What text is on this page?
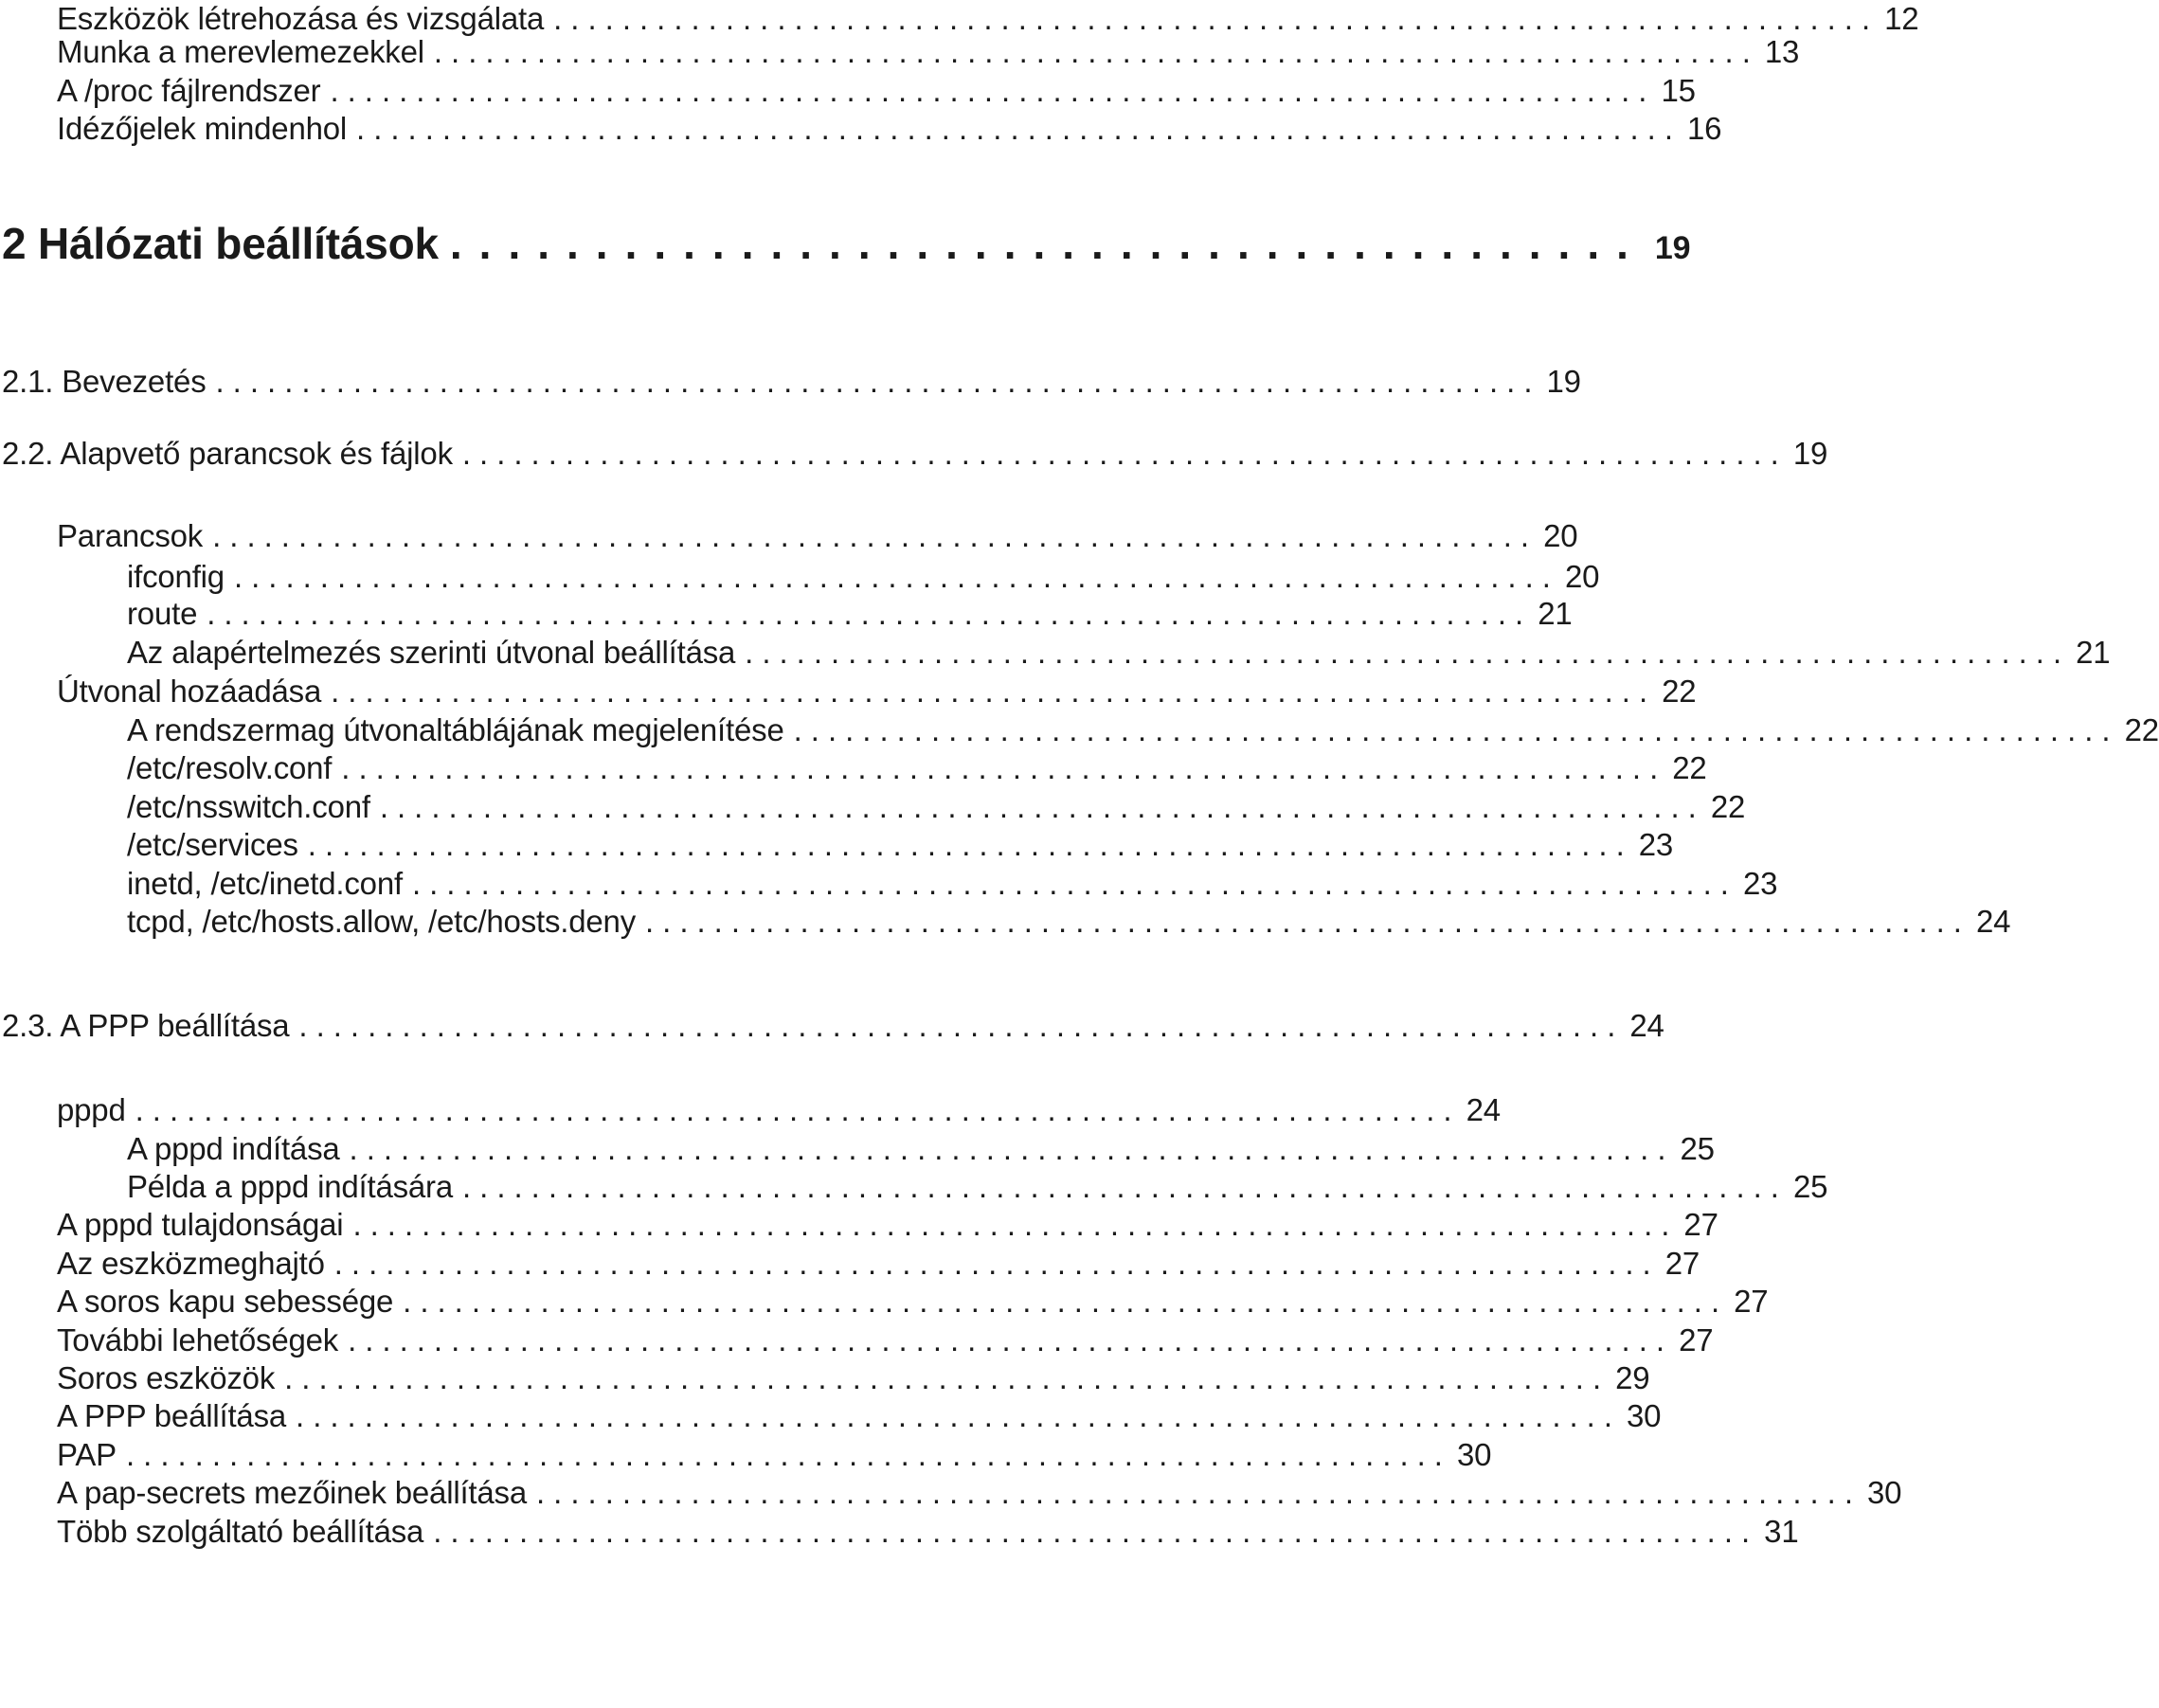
Eszközök létrehozása és vizsgálata ............................................................................. 12
Munka a merevlemezekkel ............................................................................. 13
A /proc fájlrendszer ............................................................................. 15
Idézőjelek mindenhol ............................................................................. 16
2 Hálózati beállítások ......................................... 19
2.1. Bevezetés ............................................................................. 19
2.2. Alapvető parancsok és fájlok ............................................................................. 19
Parancsok ............................................................................. 20
ifconfig ............................................................................. 20
route ............................................................................. 21
Az alapértelmezés szerinti útvonal beállítása ............................................................................. 21
Útvonal hozáadása ............................................................................. 22
A rendszermag útvonaltáblájának megjelenítése ............................................................................. 22
/etc/resolv.conf ............................................................................. 22
/etc/nsswitch.conf ............................................................................. 22
/etc/services ............................................................................. 23
inetd, /etc/inetd.conf ............................................................................. 23
tcpd, /etc/hosts.allow, /etc/hosts.deny ............................................................................. 24
2.3. A PPP beállítása ............................................................................. 24
pppd ............................................................................. 24
A pppd indítása ............................................................................. 25
Példa a pppd indítására ............................................................................. 25
A pppd tulajdonságai ............................................................................. 27
Az eszközmeghajtó ............................................................................. 27
A soros kapu sebessége ............................................................................. 27
További lehetőségek ............................................................................. 27
Soros eszközök ............................................................................. 29
A PPP beállítása ............................................................................. 30
PAP ............................................................................. 30
A pap-secrets mezőinek beállítása ............................................................................. 30
Több szolgáltató beállítása ............................................................................. 31
